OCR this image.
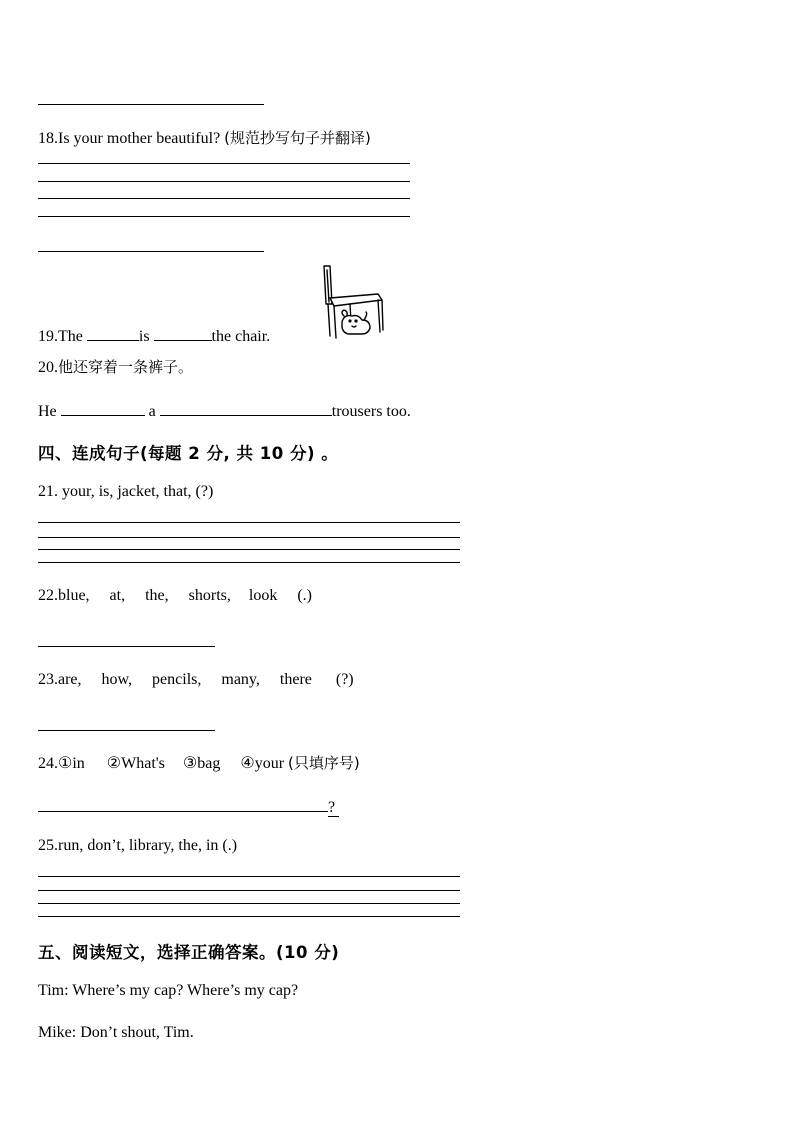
18.Is your mother beautiful? (规范抄写句子并翻译)
19.The	is	the chair.
20.他还穿着一条裤子。
He	a	trousers too.
四、连成句子(每题 2 分, 共 10 分) 。
21. your, is, jacket, that, (?)
22.blue, at, the, shorts, look (.)
23.are, how, pencils, many, there (?)
24.①in ②What's ③bag ④your (只填序号)
?
25.run, don’t, library, the, in (.)
五、阅读短文，选择正确答案。(10 分)
Tim: Where’s my cap? Where’s my cap?
Mike: Don’t shout, Tim.
